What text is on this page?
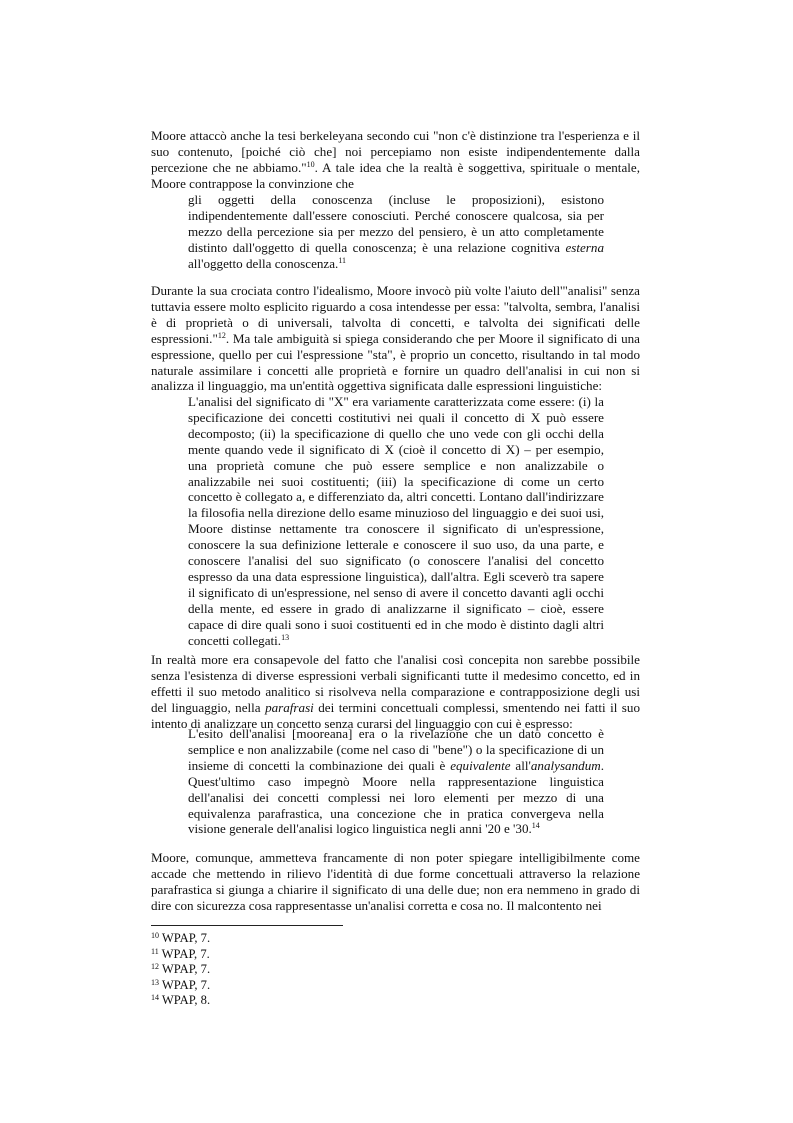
Moore attaccò anche la tesi berkeleyana secondo cui "non c'è distinzione tra l'esperienza e il suo contenuto, [poiché ciò che] noi percepiamo non esiste indipendentemente dalla percezione che ne abbiamo."$^{10}$. A tale idea che la realtà è soggettiva, spirituale o mentale, Moore contrappose la convinzione che

gli oggetti della conoscenza (incluse le proposizioni), esistono indipendentemente dall'essere conosciuti. Perché conoscere qualcosa, sia per mezzo della percezione sia per mezzo del pensiero, è un atto completamente distinto dall'oggetto di quella conoscenza; è una relazione cognitiva esterna all'oggetto della conoscenza.$^{11}$

Durante la sua crociata contro l'idealismo, Moore invocò più volte l'aiuto dell'"analisi" senza tuttavia essere molto esplicito riguardo a cosa intendesse per essa: "talvolta, sembra, l'analisi è di proprietà o di universali, talvolta di concetti, e talvolta dei significati delle espressioni."$^{12}$. Ma tale ambiguità si spiega considerando che per Moore il significato di una espressione, quello per cui l'espressione "sta", è proprio un concetto, risultando in tal modo naturale assimilare i concetti alle proprietà e fornire un quadro dell'analisi in cui non si analizza il linguaggio, ma un'entità oggettiva significata dalle espressioni linguistiche:

L'analisi del significato di "X" era variamente caratterizzata come essere: (i) la specificazione dei concetti costitutivi nei quali il concetto di X può essere decomposto; (ii) la specificazione di quello che uno vede con gli occhi della mente quando vede il significato di X (cioè il concetto di X) – per esempio, una proprietà comune che può essere semplice e non analizzabile o analizzabile nei suoi costituenti; (iii) la specificazione di come un certo concetto è collegato a, e differenziato da, altri concetti. Lontano dall'indirizzare la filosofia nella direzione dello esame minuzioso del linguaggio e dei suoi usi, Moore distinse nettamente tra conoscere il significato di un'espressione, conoscere la sua definizione letterale e conoscere il suo uso, da una parte, e conoscere l'analisi del suo significato (o conoscere l'analisi del concetto espresso da una data espressione linguistica), dall'altra. Egli sceverò tra sapere il significato di un'espressione, nel senso di avere il concetto davanti agli occhi della mente, ed essere in grado di analizzarne il significato – cioè, essere capace di dire quali sono i suoi costituenti ed in che modo è distinto dagli altri concetti collegati.$^{13}$

In realtà more era consapevole del fatto che l'analisi così concepita non sarebbe possibile senza l'esistenza di diverse espressioni verbali significanti tutte il medesimo concetto, ed in effetti il suo metodo analitico si risolveva nella comparazione e contrapposizione degli usi del linguaggio, nella parafrasi dei termini concettuali complessi, smentendo nei fatti il suo intento di analizzare un concetto senza curarsi del linguaggio con cui è espresso:

L'esito dell'analisi [mooreana] era o la rivelazione che un dato concetto è semplice e non analizzabile (come nel caso di "bene") o la specificazione di un insieme di concetti la combinazione dei quali è equivalente all'analysandum. Quest'ultimo caso impegnò Moore nella rappresentazione linguistica dell'analisi dei concetti complessi nei loro elementi per mezzo di una equivalenza parafrastica, una concezione che in pratica convergeva nella visione generale dell'analisi logico linguistica negli anni '20 e '30.14

Moore, comunque, ammetteva francamente di non poter spiegare intelligibilmente come accade che mettendo in rilievo l'identità di due forme concettuali attraverso la relazione parafrastica si giunga a chiarire il significato di una delle due; non era nemmeno in grado di dire con sicurezza cosa rappresentasse un'analisi corretta e cosa no. Il malcontento nei

$^{10}$ WPAP, 7.
$^{11}$ WPAP, 7.
$^{12}$ WPAP, 7.
$^{13}$ WPAP, 7.
$^{14}$ WPAP, 8.
